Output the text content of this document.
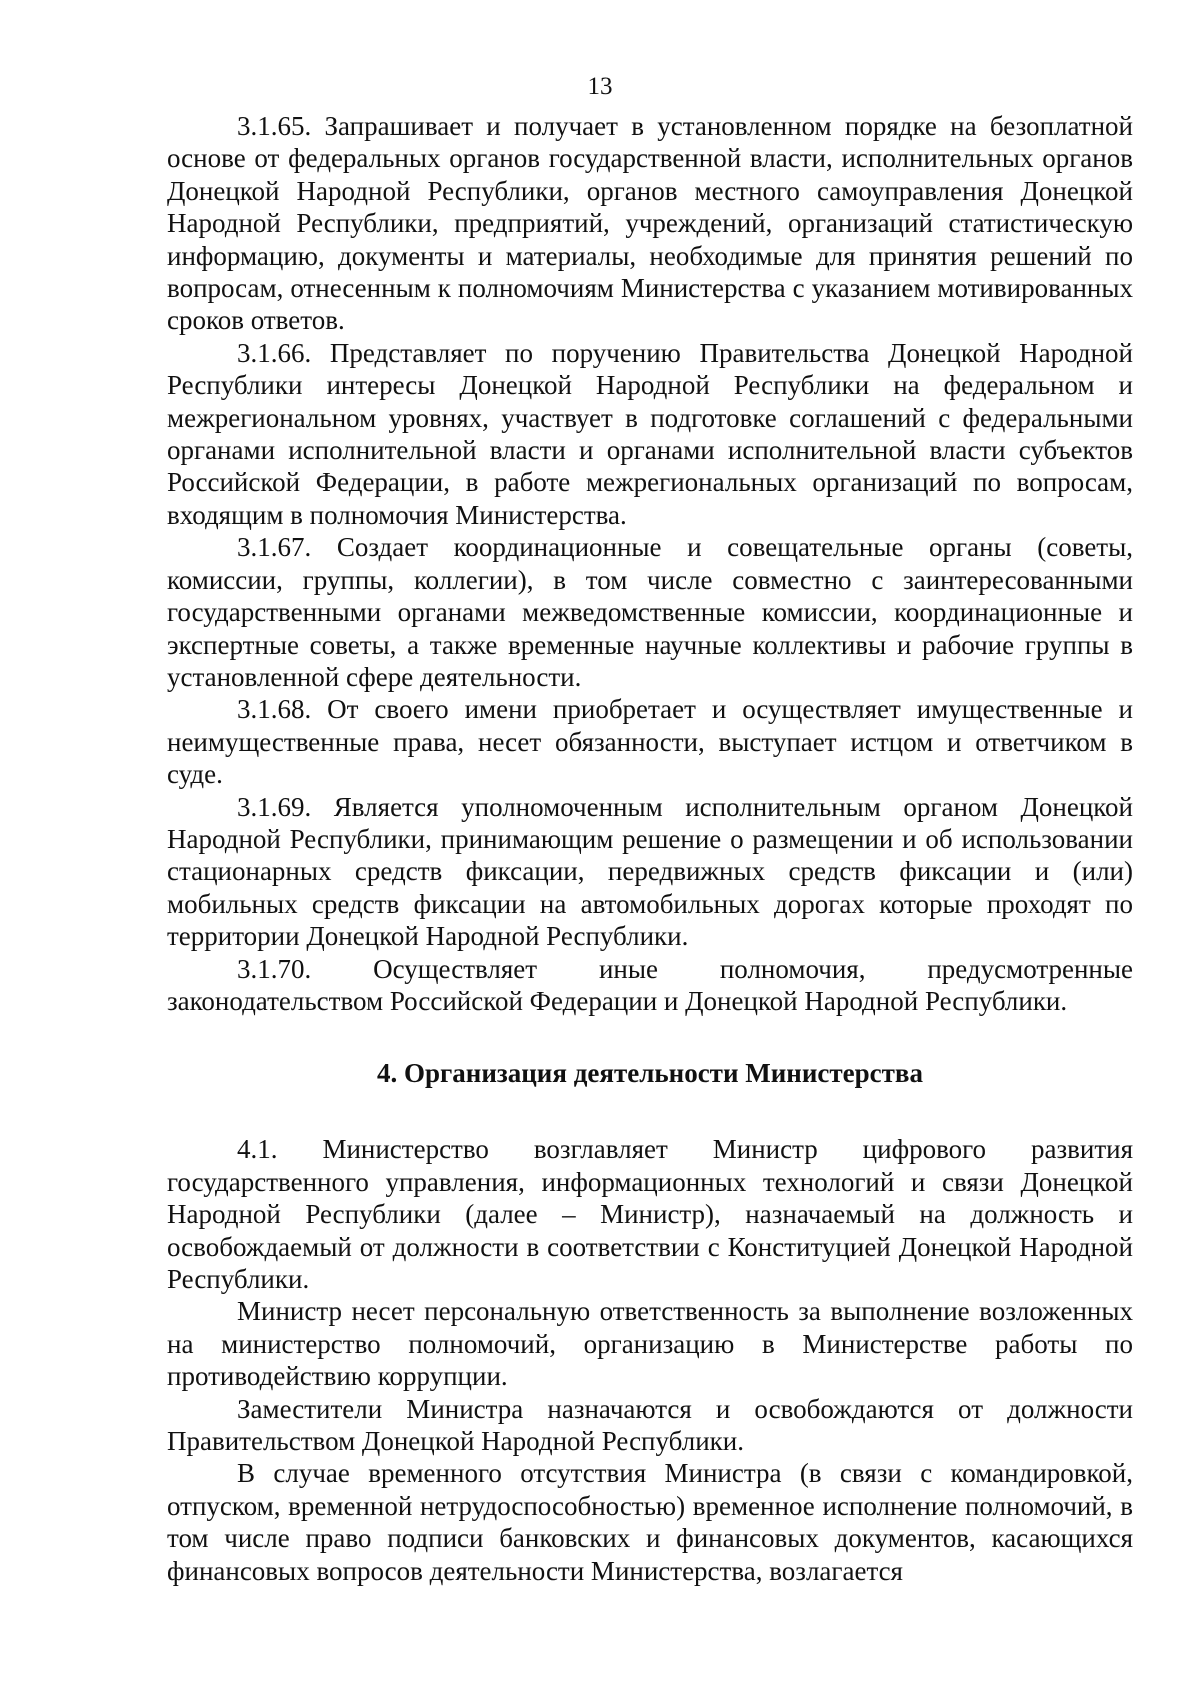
13

3.1.65. Запрашивает и получает в установленном порядке на безоплатной основе от федеральных органов государственной власти, исполнительных органов Донецкой Народной Республики, органов местного самоуправления Донецкой Народной Республики, предприятий, учреждений, организаций статистическую информацию, документы и материалы, необходимые для принятия решений по вопросам, отнесенным к полномочиям Министерства с указанием мотивированных сроков ответов.

3.1.66. Представляет по поручению Правительства Донецкой Народной Республики интересы Донецкой Народной Республики на федеральном и межрегиональном уровнях, участвует в подготовке соглашений с федеральными органами исполнительной власти и органами исполнительной власти субъектов Российской Федерации, в работе межрегиональных организаций по вопросам, входящим в полномочия Министерства.

3.1.67. Создает координационные и совещательные органы (советы, комиссии, группы, коллегии), в том числе совместно с заинтересованными государственными органами межведомственные комиссии, координационные и экспертные советы, а также временные научные коллективы и рабочие группы в установленной сфере деятельности.

3.1.68. От своего имени приобретает и осуществляет имущественные и неимущественные права, несет обязанности, выступает истцом и ответчиком в суде.

3.1.69. Является уполномоченным исполнительным органом Донецкой Народной Республики, принимающим решение о размещении и об использовании стационарных средств фиксации, передвижных средств фиксации и (или) мобильных средств фиксации на автомобильных дорогах которые проходят по территории Донецкой Народной Республики.

3.1.70. Осуществляет иные полномочия, предусмотренные законодательством Российской Федерации и Донецкой Народной Республики.

4. Организация деятельности Министерства

4.1. Министерство возглавляет Министр цифрового развития государственного управления, информационных технологий и связи Донецкой Народной Республики (далее – Министр), назначаемый на должность и освобождаемый от должности в соответствии с Конституцией Донецкой Народной Республики.

Министр несет персональную ответственность за выполнение возложенных на министерство полномочий, организацию в Министерстве работы по противодействию коррупции.

Заместители Министра назначаются и освобождаются от должности Правительством Донецкой Народной Республики.

В случае временного отсутствия Министра (в связи с командировкой, отпуском, временной нетрудоспособностью) временное исполнение полномочий, в том числе право подписи банковских и финансовых документов, касающихся финансовых вопросов деятельности Министерства, возлагается
